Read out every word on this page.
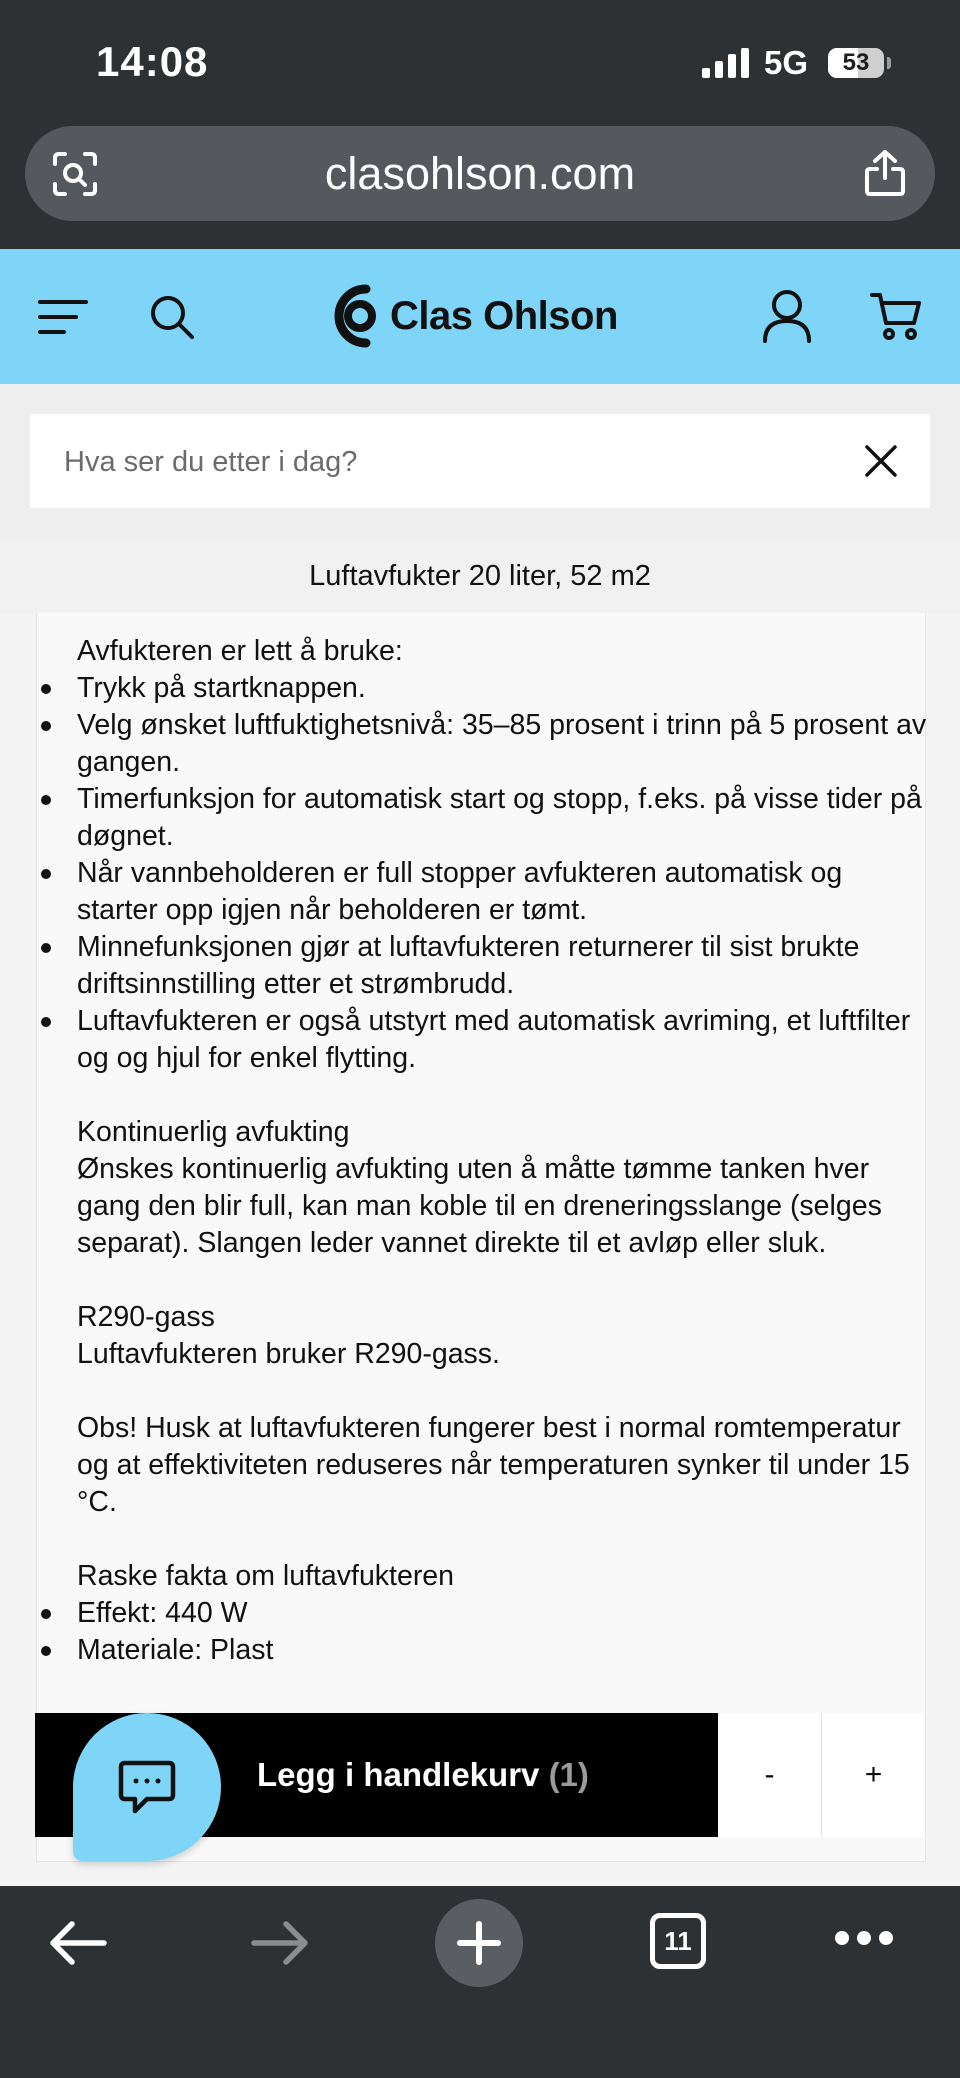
14:08	5G	53
clasohlson.com
Clas Ohlson
Hva ser du etter i dag?
Luftavfukter 20 liter, 52 m2

Avfukteren er lett å bruke:

Trykk på startknappen.
Velg ønsket luftfuktighetsnivå: 35–85 prosent i trinn på 5 prosent av gangen.
Timerfunksjon for automatisk start og stopp, f.eks. på visse tider på døgnet.
Når vannbeholderen er full stopper avfukteren automatisk og starter opp igjen når beholderen er tømt.
Minnefunksjonen gjør at luftavfukteren returnerer til sist brukte driftsinnstilling etter et strømbrudd.
Luftavfukteren er også utstyrt med automatisk avriming, et luftfilter og og hjul for enkel flytting.

Kontinuerlig avfukting

Ønskes kontinuerlig avfukting uten å måtte tømme tanken hver gang den blir full, kan man koble til en dreneringsslange (selges separat). Slangen leder vannet direkte til et avløp eller sluk.

R290-gass

Luftavfukteren bruker R290-gass.

Obs! Husk at luftavfukteren fungerer best i normal romtemperatur og at effektiviteten reduseres når temperaturen synker til under 15 °C.

Raske fakta om luftavfukteren

Effekt: 440 W
Materiale: Plast
Legg i handlekurv (1)	-	+
11
